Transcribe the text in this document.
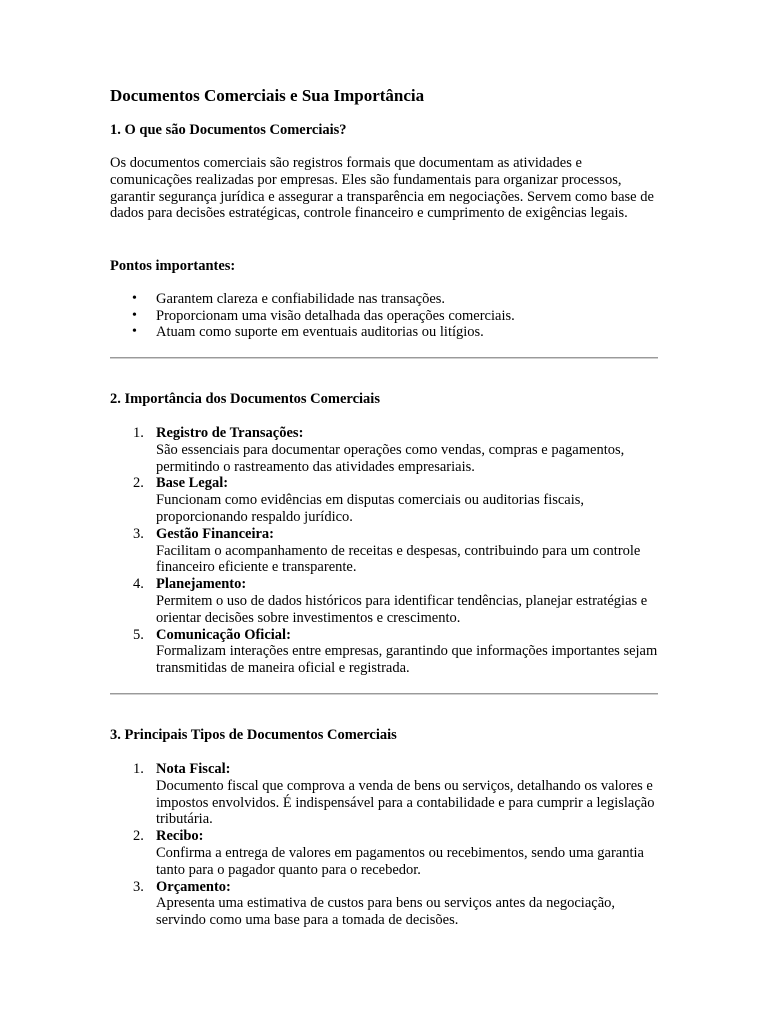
Documentos Comerciais e Sua Importância
1. O que são Documentos Comerciais?

Os documentos comerciais são registros formais que documentam as atividades e comunicações realizadas por empresas. Eles são fundamentais para organizar processos, garantir segurança jurídica e assegurar a transparência em negociações. Servem como base de dados para decisões estratégicas, controle financeiro e cumprimento de exigências legais.

Pontos importantes:
• Garantem clareza e confiabilidade nas transações.
• Proporcionam uma visão detalhada das operações comerciais.
• Atuam como suporte em eventuais auditorias ou litígios.
2. Importância dos Documentos Comerciais
1. Registro de Transações:
São essenciais para documentar operações como vendas, compras e pagamentos, permitindo o rastreamento das atividades empresariais.
2. Base Legal:
Funcionam como evidências em disputas comerciais ou auditorias fiscais, proporcionando respaldo jurídico.
3. Gestão Financeira:
Facilitam o acompanhamento de receitas e despesas, contribuindo para um controle financeiro eficiente e transparente.
4. Planejamento:
Permitem o uso de dados históricos para identificar tendências, planejar estratégias e orientar decisões sobre investimentos e crescimento.
5. Comunicação Oficial:
Formalizam interações entre empresas, garantindo que informações importantes sejam transmitidas de maneira oficial e registrada.
3. Principais Tipos de Documentos Comerciais
1. Nota Fiscal:
Documento fiscal que comprova a venda de bens ou serviços, detalhando os valores e impostos envolvidos. É indispensável para a contabilidade e para cumprir a legislação tributária.
2. Recibo:
Confirma a entrega de valores em pagamentos ou recebimentos, sendo uma garantia tanto para o pagador quanto para o recebedor.
3. Orçamento:
Apresenta uma estimativa de custos para bens ou serviços antes da negociação, servindo como uma base para a tomada de decisões.
